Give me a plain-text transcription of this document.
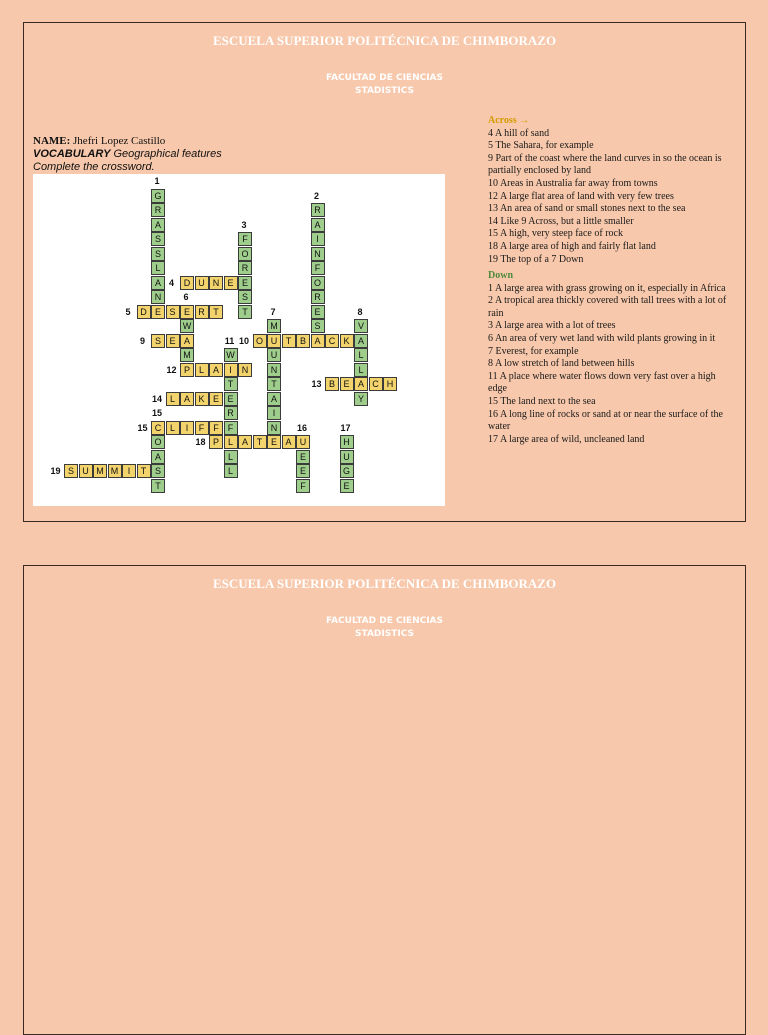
ESCUELA SUPERIOR POLITÉCNICA DE CHIMBORAZO
FACULTAD DE CIENCIAS
STADISTICS
NAME: Jhefri Lopez Castillo
VOCABULARY Geographical features
Complete the crossword.
D U N E
4
D E S E R T
5
S E A
9	O U T B A C K
10
P L A	I	N
12
B E A C H
13
L A K E
14
C L	I	F	F
15
P L A T E A U
18
S U M M	I	T
19
G
R
A
S
S
L
A
N
1
R
A
I
N
F
O
R
E
S
2
F
O
R
E
S
T
3
W
M
6
M
U
N
T
A
I
N
7
V
A
L
L
Y
8
W
T
E
R
F
L
L
11
O
A
S
T
15
E
E
F
16
H
U
G
E
17
Across →
4 A hill of sand
5 The Sahara, for example
9 Part of the coast where the land curves in so the ocean is partially enclosed by land
10 Areas in Australia far away from towns
12 A large flat area of land with very few trees
13 An area of sand or small stones next to the sea
14 Like 9 Across, but a little smaller
15 A high, very steep face of rock
18 A large area of high and fairly flat land
19 The top of a 7 Down
Down
1 A large area with grass growing on it, especially in Africa
2 A tropical area thickly covered with tall trees with a lot of rain
3 A large area with a lot of trees
6 An area of very wet land with wild plants growing in it
7 Everest, for example
8 A low stretch of land between hills
11 A place where water flows down very fast over a high edge
15 The land next to the sea
16 A long line of rocks or sand at or near the surface of the water
17 A large area of wild, uncleaned land
ESCUELA SUPERIOR POLITÉCNICA DE CHIMBORAZO
FACULTAD DE CIENCIAS
STADISTICS
